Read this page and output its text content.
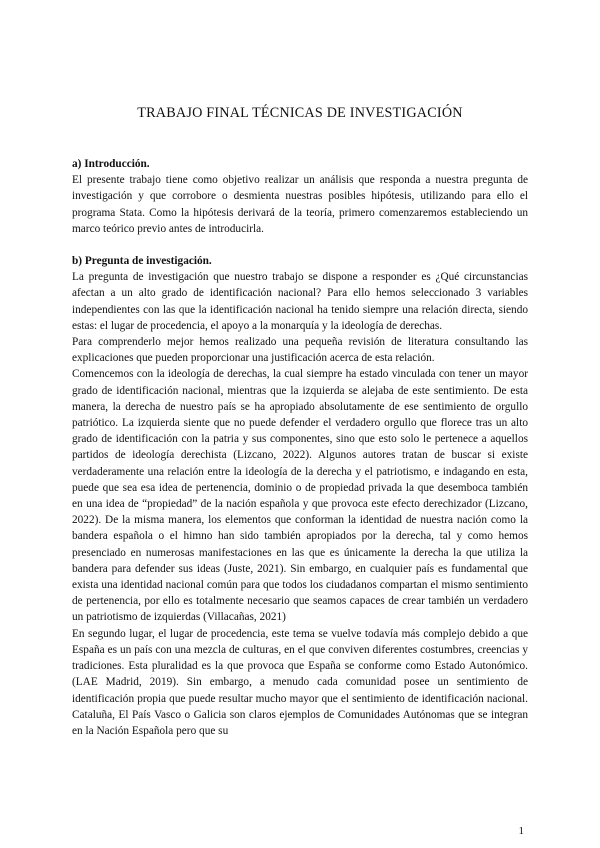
TRABAJO FINAL TÉCNICAS DE INVESTIGACIÓN

a) Introducción.

El presente trabajo tiene como objetivo realizar un análisis que responda a nuestra pregunta de investigación y que corrobore o desmienta nuestras posibles hipótesis, utilizando para ello el programa Stata. Como la hipótesis derivará de la teoría, primero comenzaremos estableciendo un marco teórico previo antes de introducirla.

b) Pregunta de investigación.

La pregunta de investigación que nuestro trabajo se dispone a responder es ¿Qué circunstancias afectan a un alto grado de identificación nacional? Para ello hemos seleccionado 3 variables independientes con las que la identificación nacional ha tenido siempre una relación directa, siendo estas: el lugar de procedencia, el apoyo a la monarquía y la ideología de derechas.

Para comprenderlo mejor hemos realizado una pequeña revisión de literatura consultando las explicaciones que pueden proporcionar una justificación acerca de esta relación.

Comencemos con la ideología de derechas, la cual siempre ha estado vinculada con tener un mayor grado de identificación nacional, mientras que la izquierda se alejaba de este sentimiento. De esta manera, la derecha de nuestro país se ha apropiado absolutamente de ese sentimiento de orgullo patriótico. La izquierda siente que no puede defender el verdadero orgullo que florece tras un alto grado de identificación con la patria y sus componentes, sino que esto solo le pertenece a aquellos partidos de ideología derechista (Lizcano, 2022). Algunos autores tratan de buscar si existe verdaderamente una relación entre la ideología de la derecha y el patriotismo, e indagando en esta, puede que sea esa idea de pertenencia, dominio o de propiedad privada la que desemboca también en una idea de “propiedad” de la nación española y que provoca este efecto derechizador (Lizcano, 2022). De la misma manera, los elementos que conforman la identidad de nuestra nación como la bandera española o el himno han sido también apropiados por la derecha, tal y como hemos presenciado en numerosas manifestaciones en las que es únicamente la derecha la que utiliza la bandera para defender sus ideas (Juste, 2021). Sin embargo, en cualquier país es fundamental que exista una identidad nacional común para que todos los ciudadanos compartan el mismo sentimiento de pertenencia, por ello es totalmente necesario que seamos capaces de crear también un verdadero un patriotismo de izquierdas (Villacañas, 2021)

En segundo lugar, el lugar de procedencia, este tema se vuelve todavía más complejo debido a que España es un país con una mezcla de culturas, en el que conviven diferentes costumbres, creencias y tradiciones. Esta pluralidad es la que provoca que España se conforme como Estado Autonómico. (LAE Madrid, 2019). Sin embargo, a menudo cada comunidad posee un sentimiento de identificación propia que puede resultar mucho mayor que el sentimiento de identificación nacional. Cataluña, El País Vasco o Galicia son claros ejemplos de Comunidades Autónomas que se integran en la Nación Española pero que su

1
